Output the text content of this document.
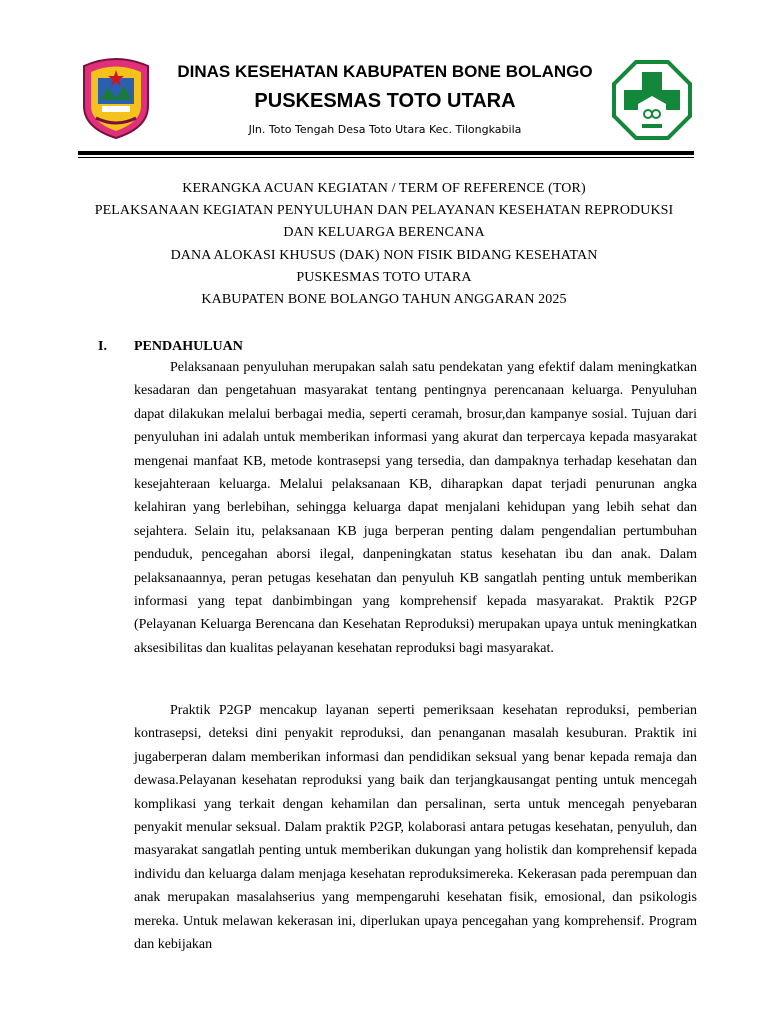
DINAS KESEHATAN KABUPATEN BONE BOLANGO
PUSKESMAS TOTO UTARA
Jln. Toto Tengah Desa Toto Utara Kec. Tilongkabila
KERANGKA ACUAN KEGIATAN / TERM OF REFERENCE (TOR)
PELAKSANAAN KEGIATAN PENYULUHAN DAN PELAYANAN KESEHATAN REPRODUKSI
DAN KELUARGA BERENCANA
DANA ALOKASI KHUSUS (DAK) NON FISIK BIDANG KESEHATAN
PUSKESMAS TOTO UTARA
KABUPATEN BONE BOLANGO TAHUN ANGGARAN 2025
I. PENDAHULUAN

Pelaksanaan penyuluhan merupakan salah satu pendekatan yang efektif dalam meningkatkan kesadaran dan pengetahuan masyarakat tentang pentingnya perencanaan keluarga. Penyuluhan dapat dilakukan melalui berbagai media, seperti ceramah, brosur,dan kampanye sosial. Tujuan dari penyuluhan ini adalah untuk memberikan informasi yang akurat dan terpercaya kepada masyarakat mengenai manfaat KB, metode kontrasepsi yang tersedia, dan dampaknya terhadap kesehatan dan kesejahteraan keluarga. Melalui pelaksanaan KB, diharapkan dapat terjadi penurunan angka kelahiran yang berlebihan, sehingga keluarga dapat menjalani kehidupan yang lebih sehat dan sejahtera. Selain itu, pelaksanaan KB juga berperan penting dalam pengendalian pertumbuhan penduduk, pencegahan aborsi ilegal, danpeningkatan status kesehatan ibu dan anak. Dalam pelaksanaannya, peran petugas kesehatan dan penyuluh KB sangatlah penting untuk memberikan informasi yang tepat danbimbingan yang komprehensif kepada masyarakat. Praktik P2GP (Pelayanan Keluarga Berencana dan Kesehatan Reproduksi) merupakan upaya untuk meningkatkan aksesibilitas dan kualitas pelayanan kesehatan reproduksi bagi masyarakat.

Praktik P2GP mencakup layanan seperti pemeriksaan kesehatan reproduksi, pemberian kontrasepsi, deteksi dini penyakit reproduksi, dan penanganan masalah kesuburan. Praktik ini jugaberperan dalam memberikan informasi dan pendidikan seksual yang benar kepada remaja dan dewasa.Pelayanan kesehatan reproduksi yang baik dan terjangkausangat penting untuk mencegah komplikasi yang terkait dengan kehamilan dan persalinan, serta untuk mencegah penyebaran penyakit menular seksual. Dalam praktik P2GP, kolaborasi antara petugas kesehatan, penyuluh, dan masyarakat sangatlah penting untuk memberikan dukungan yang holistik dan komprehensif kepada individu dan keluarga dalam menjaga kesehatan reproduksimereka. Kekerasan pada perempuan dan anak merupakan masalahserius yang mempengaruhi kesehatan fisik, emosional, dan psikologis mereka. Untuk melawan kekerasan ini, diperlukan upaya pencegahan yang komprehensif. Program dan kebijakan
